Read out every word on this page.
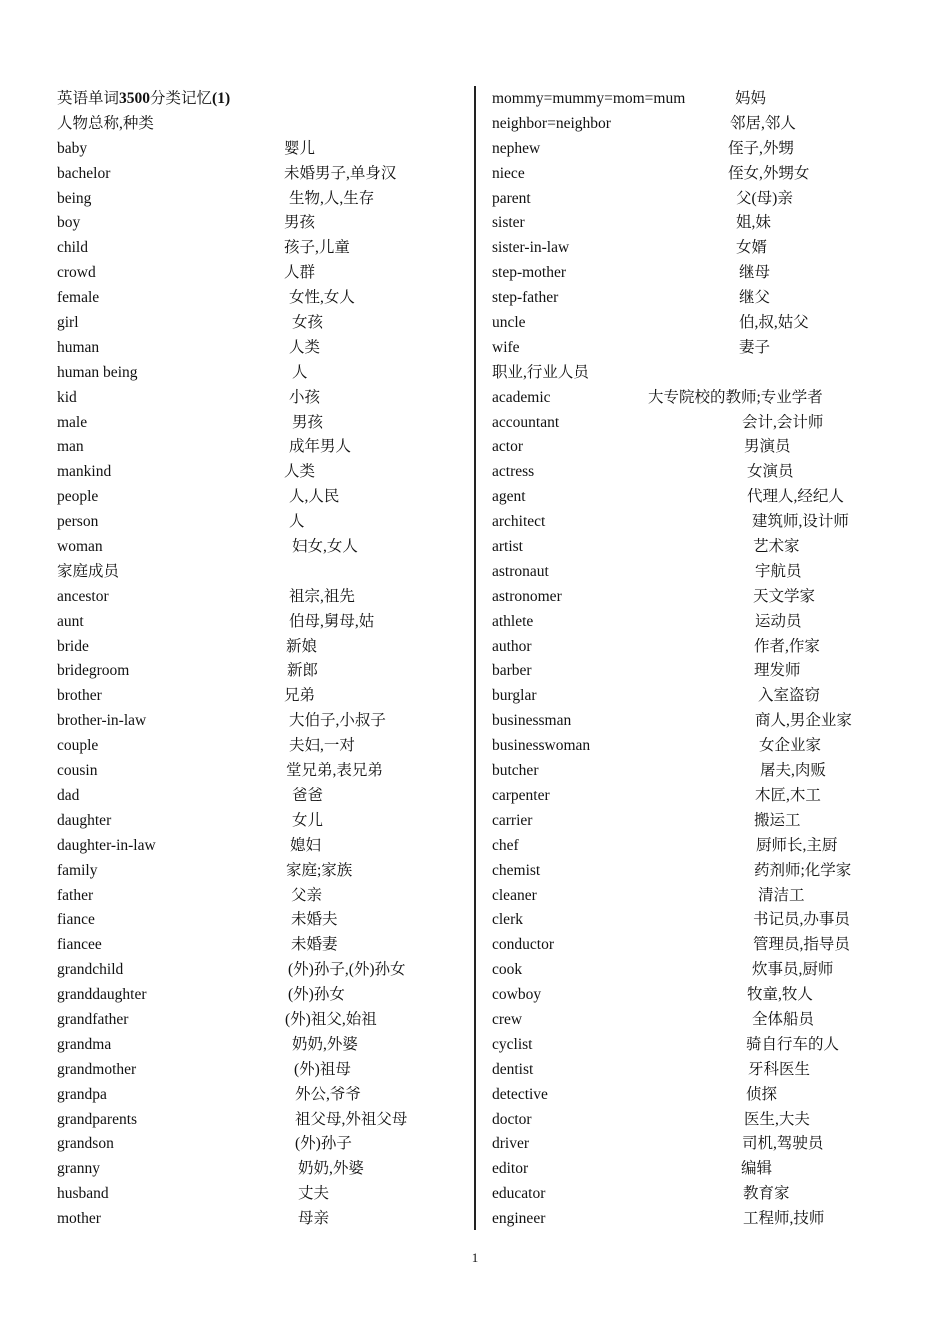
英语单词3500分类记忆(1)
人物总称,种类
baby	婴儿
bachelor	未婚男子,单身汉
being	生物,人,生存
boy	男孩
child	孩子,儿童
crowd	人群
female	女性,女人
girl	女孩
human	人类
human being	人
kid	小孩
male	男孩
man	成年男人
mankind	人类
people	人,人民
person	人
woman	妇女,女人
家庭成员
ancestor	祖宗,祖先
aunt	伯母,舅母,姑
bride	新娘
bridegroom	新郎
brother	兄弟
brother-in-law	大伯子,小叔子
couple	夫妇,一对
cousin	堂兄弟,表兄弟
dad	爸爸
daughter	女儿
daughter-in-law	媳妇
family	家庭;家族
father	父亲
fiance	未婚夫
fiancee	未婚妻
grandchild	(外)孙子,(外)孙女
granddaughter	(外)孙女
grandfather	(外)祖父,始祖
grandma	奶奶,外婆
grandmother	(外)祖母
grandpa	外公,爷爷
grandparents	祖父母,外祖父母
grandson	(外)孙子
granny	奶奶,外婆
husband	丈夫
mother	母亲
mommy=mummy=mom=mum	妈妈
neighbor=neighbor	邻居,邻人
nephew	侄子,外甥
niece	侄女,外甥女
parent	父(母)亲
sister	姐,妹
sister-in-law	女婿
step-mother	继母
step-father	继父
uncle	伯,叔,姑父
wife	妻子
职业,行业人员
academic	大专院校的教师;专业学者
accountant	会计,会计师
actor	男演员
actress	女演员
agent	代理人,经纪人
architect	建筑师,设计师
artist	艺术家
astronaut	宇航员
astronomer	天文学家
athlete	运动员
author	作者,作家
barber	理发师
burglar	入室盗窃
businessman	商人,男企业家
businesswoman	女企业家
butcher	屠夫,肉贩
carpenter	木匠,木工
carrier	搬运工
chef	厨师长,主厨
chemist	药剂师;化学家
cleaner	清洁工
clerk	书记员,办事员
conductor	管理员,指导员
cook	炊事员,厨师
cowboy	牧童,牧人
crew	全体船员
cyclist	骑自行车的人
dentist	牙科医生
detective	侦探
doctor	医生,大夫
driver	司机,驾驶员
editor	编辑
educator	教育家
engineer	工程师,技师
1
